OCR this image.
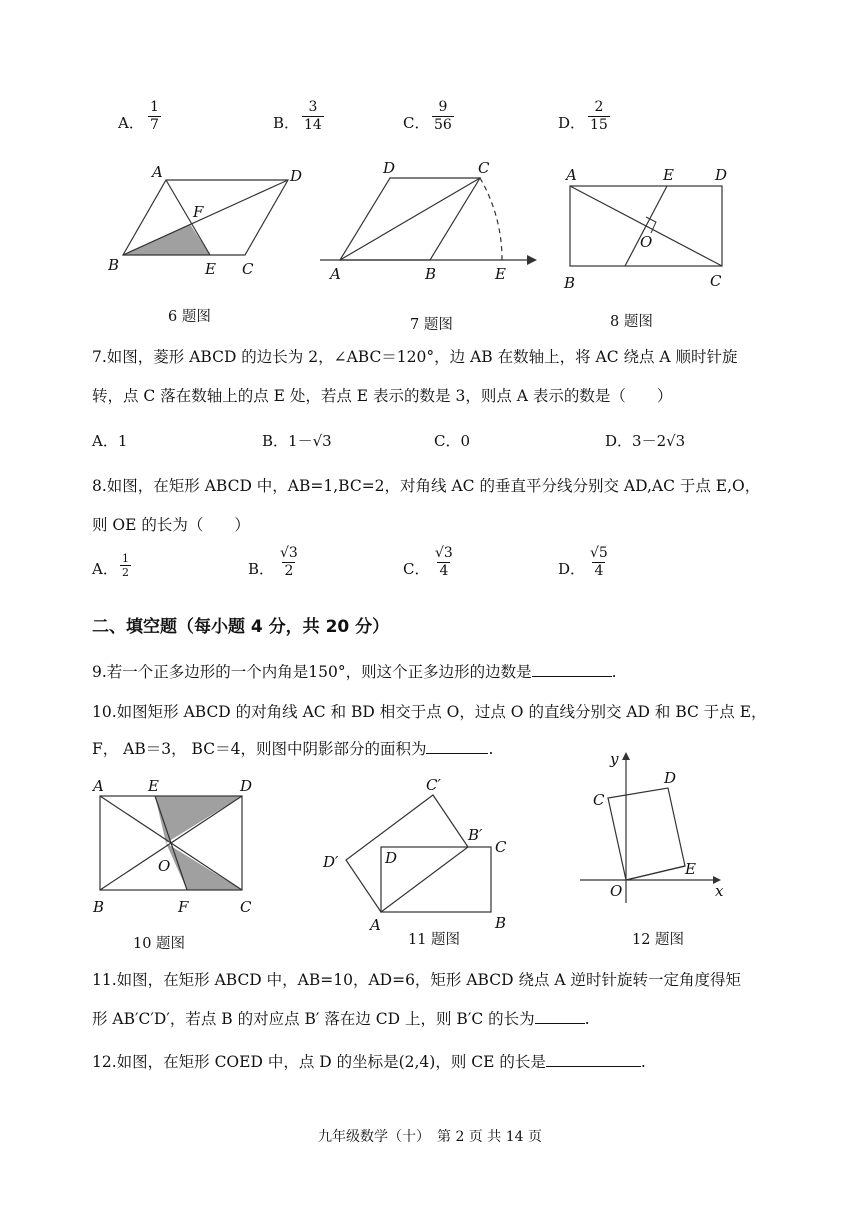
A． $\frac{1}{7}$	B． $\frac{3}{14}$	C． $\frac{9}{56}$	D． $\frac{2}{15}$
A	D
F
B	E C
6 题图
D	C
A	B	E
7 题图
A	E	D
O
B	C
8 题图
7.如图，菱形 ABCD 的边长为 2，∠ABC＝120°，边 AB 在数轴上，将 AC 绕点 A 顺时针旋
转，点 C 落在数轴上的点 E 处，若点 E 表示的数是 3，则点 A 表示的数是（　　）
A．1	B．1－√3	C．0	D．3－2√3
8.如图，在矩形 ABCD 中，AB=1,BC=2，对角线 AC 的垂直平分线分别交 AD,AC 于点 E,O，
则 OE 的长为（　　）
A． $\frac{1}{2}$	B． $\frac{√3}{2}$	C． $\frac{√3}{4}$	D． $\frac{√5}{4}$
二、填空题（每小题 4 分，共 20 分）
9.若一个正多边形的一个内角是150°，则这个正多边形的边数是	.
10.如图矩形 ABCD 的对角线 AC 和 BD 相交于点 O，过点 O 的直线分别交 AD 和 BC 于点 E，
F， AB＝3， BC＝4，则图中阴影部分的面积为	.
A	E	D
O
B	F	C
10 题图
C′
B′
C
D
D′
A	B
11 题图
y
D
C
E
O	x
12 题图
11.如图，在矩形 ABCD 中，AB=10，AD=6，矩形 ABCD 绕点 A 逆时针旋转一定角度得矩
形 AB′C′D′，若点 B 的对应点 B′ 落在边 CD 上，则 B′C 的长为	.
12.如图，在矩形 COED 中，点 D 的坐标是(2,4)，则 CE 的长是	.
九年级数学（十）　第 2 页 共 14 页
